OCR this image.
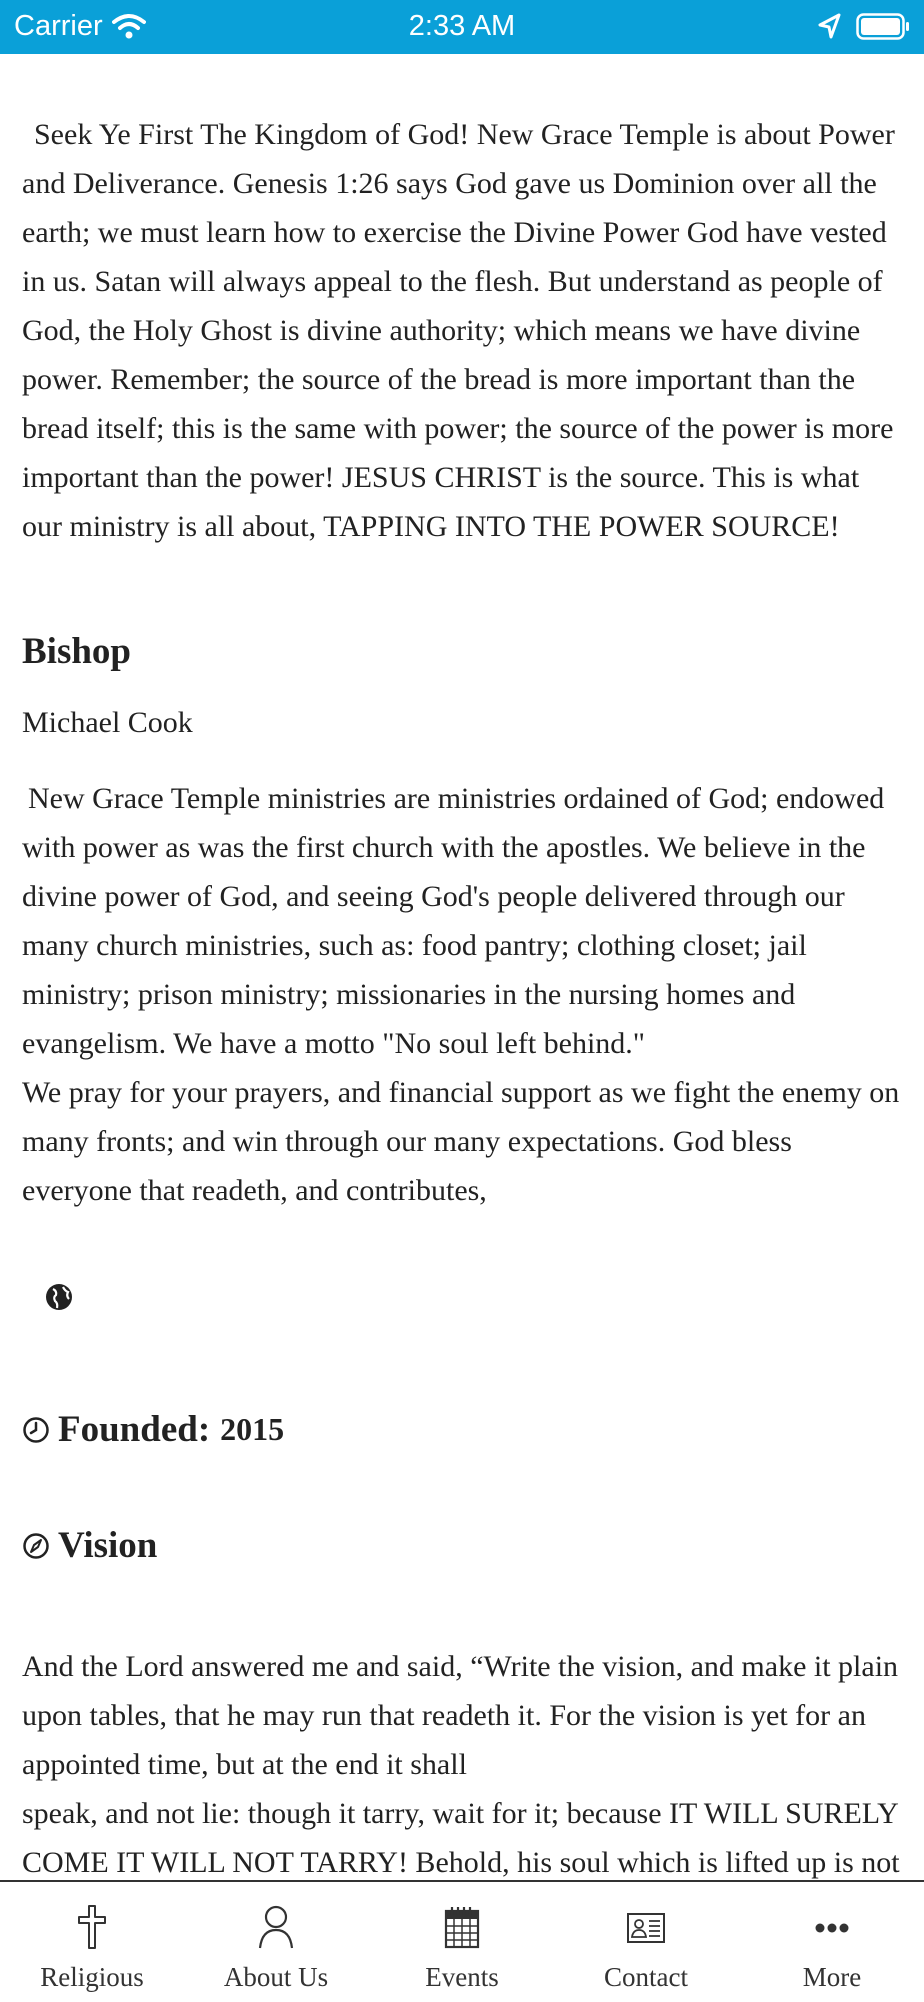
Carrier	2:33 AM

Seek Ye First The Kingdom of God! New Grace Temple is about Power and Deliverance. Genesis 1:26 says God gave us Dominion over all the earth; we must learn how to exercise the Divine Power God have vested in us. Satan will always appeal to the flesh. But understand as people of God, the Holy Ghost is divine authority; which means we have divine power. Remember; the source of the bread is more important than the bread itself; this is the same with power; the source of the power is more important than the power! JESUS CHRIST is the source. This is what our ministry is all about, TAPPING INTO THE POWER SOURCE!

Bishop

Michael Cook

New Grace Temple ministries are ministries ordained of God; endowed with power as was the first church with the apostles. We believe in the divine power of God, and seeing God's people delivered through our many church ministries, such as: food pantry; clothing closet; jail ministry; prison ministry; missionaries in the nursing homes and evangelism. We have a motto "No soul left behind."

We pray for your prayers, and financial support as we fight the enemy on many fronts; and win through our many expectations. God bless everyone that readeth, and contributes,

Founded: 2015
Vision

And the Lord answered me and said, “Write the vision, and make it plain upon tables, that he may run that readeth it. For the vision is yet for an appointed time, but at the end it shall

speak, and not lie: though it tarry, wait for it; because IT WILL SURELY COME IT WILL NOT TARRY! Behold, his soul which is lifted up is not

Religious	About Us	Events	Contact	More
